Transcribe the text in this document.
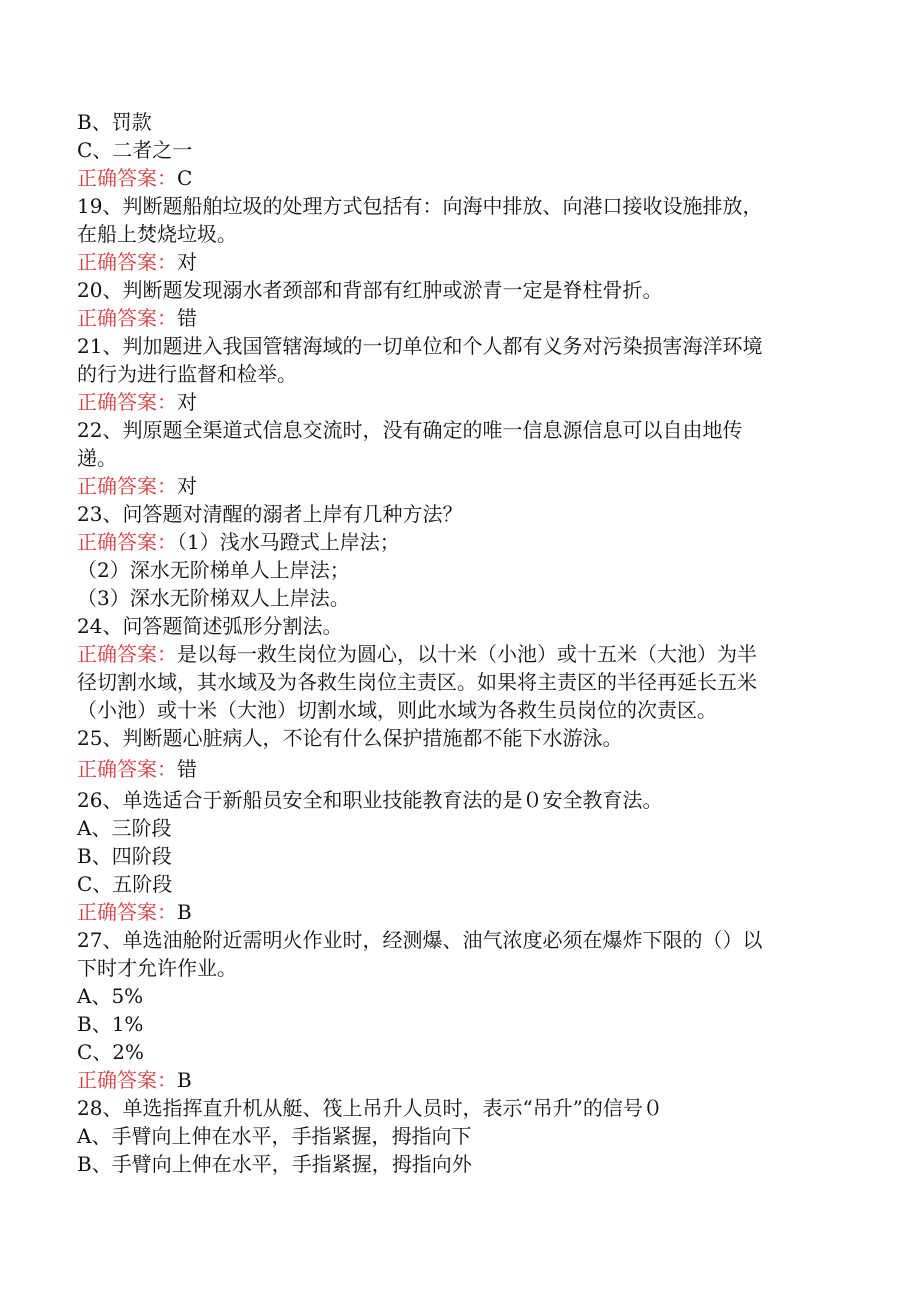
B、罚款
C、二者之一
正确答案：C
19、判断题船舶垃圾的处理方式包括有：向海中排放、向港口接收设施排放，
在船上焚烧垃圾。
正确答案：对
20、判断题发现溺水者颈部和背部有红肿或淤青一定是脊柱骨折。
正确答案：错
21、判加题进入我国管辖海域的一切单位和个人都有义务对污染损害海洋环境
的行为进行监督和检举。
正确答案：对
22、判原题全渠道式信息交流时，没有确定的唯一信息源信息可以自由地传
递。
正确答案：对
23、问答题对清醒的溺者上岸有几种方法？
正确答案：（1）浅水马蹬式上岸法；
（2）深水无阶梯单人上岸法；
（3）深水无阶梯双人上岸法。
24、问答题简述弧形分割法。
正确答案：是以每一救生岗位为圆心，以十米（小池）或十五米（大池）为半
径切割水域，其水域及为各救生岗位主责区。如果将主责区的半径再延长五米
（小池）或十米（大池）切割水域，则此水域为各救生员岗位的次责区。
25、判断题心脏病人，不论有什么保护措施都不能下水游泳。
正确答案：错
26、单选适合于新船员安全和职业技能教育法的是０安全教育法。
A、三阶段
B、四阶段
C、五阶段
正确答案：B
27、单选油舱附近需明火作业时，经测爆、油气浓度必须在爆炸下限的（）以
下时才允许作业。
A、5%
B、1%
C、2%
正确答案：B
28、单选指挥直升机从艇、筏上吊升人员时，表示“吊升”的信号０
A、手臂向上伸在水平，手指紧握，拇指向下
B、手臂向上伸在水平，手指紧握，拇指向外
